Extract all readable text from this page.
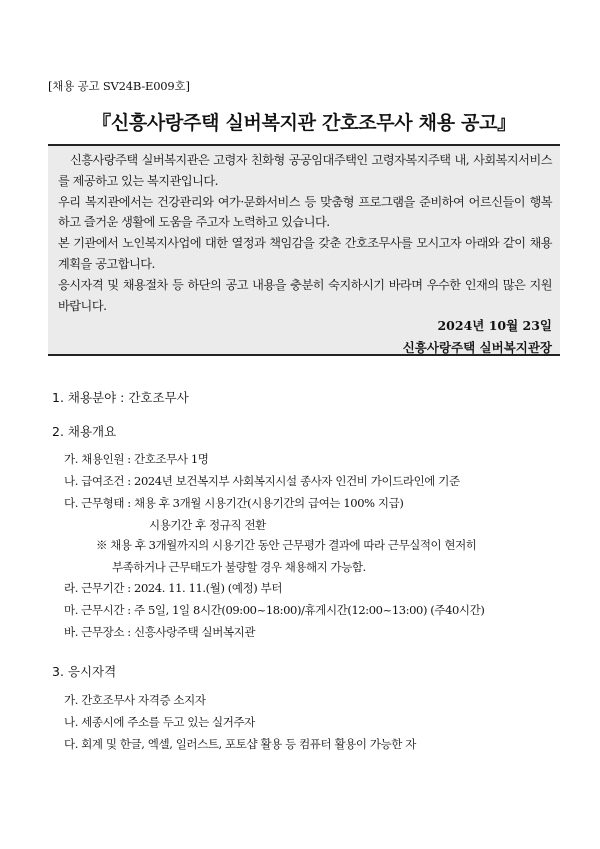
[채용 공고 SV24B-E009호]
『신흥사랑주택 실버복지관 간호조무사 채용 공고』

신흥사랑주택 실버복지관은 고령자 친화형 공공임대주택인 고령자복지주택 내, 사회복지서비스를 제공하고 있는 복지관입니다.

우리 복지관에서는 건강관리와 여가·문화서비스 등 맞춤형 프로그램을 준비하여 어르신들이 행복하고 즐거운 생활에 도움을 주고자 노력하고 있습니다.

본 기관에서 노인복지사업에 대한 열정과 책임감을 갖춘 간호조무사를 모시고자 아래와 같이 채용계획을 공고합니다.

응시자격 및 채용절차 등 하단의 공고 내용을 충분히 숙지하시기 바라며 우수한 인재의 많은 지원 바랍니다.

2024년 10월 23일
신흥사랑주택 실버복지관장
1. 채용분야 : 간호조무사
2. 채용개요
가. 채용인원 : 간호조무사 1명
나. 급여조건 : 2024년 보건복지부 사회복지시설 종사자 인건비 가이드라인에 기준
다. 근무형태 : 채용 후 3개월 시용기간(시용기간의 급여는 100% 지급)
시용기간 후 정규직 전환
※ 채용 후 3개월까지의 시용기간 동안 근무평가 결과에 따라 근무실적이 현저히
부족하거나 근무태도가 불량할 경우 채용해지 가능함.
라. 근무기간 : 2024. 11. 11.(월) (예정) 부터
마. 근무시간 : 주 5일, 1일 8시간(09:00~18:00)/휴게시간(12:00~13:00) (주40시간)
바. 근무장소 : 신흥사랑주택 실버복지관
3. 응시자격
가. 간호조무사 자격증 소지자
나. 세종시에 주소를 두고 있는 실거주자
다. 회계 및 한글, 엑셀, 일러스트, 포토샵 활용 등 컴퓨터 활용이 가능한 자
